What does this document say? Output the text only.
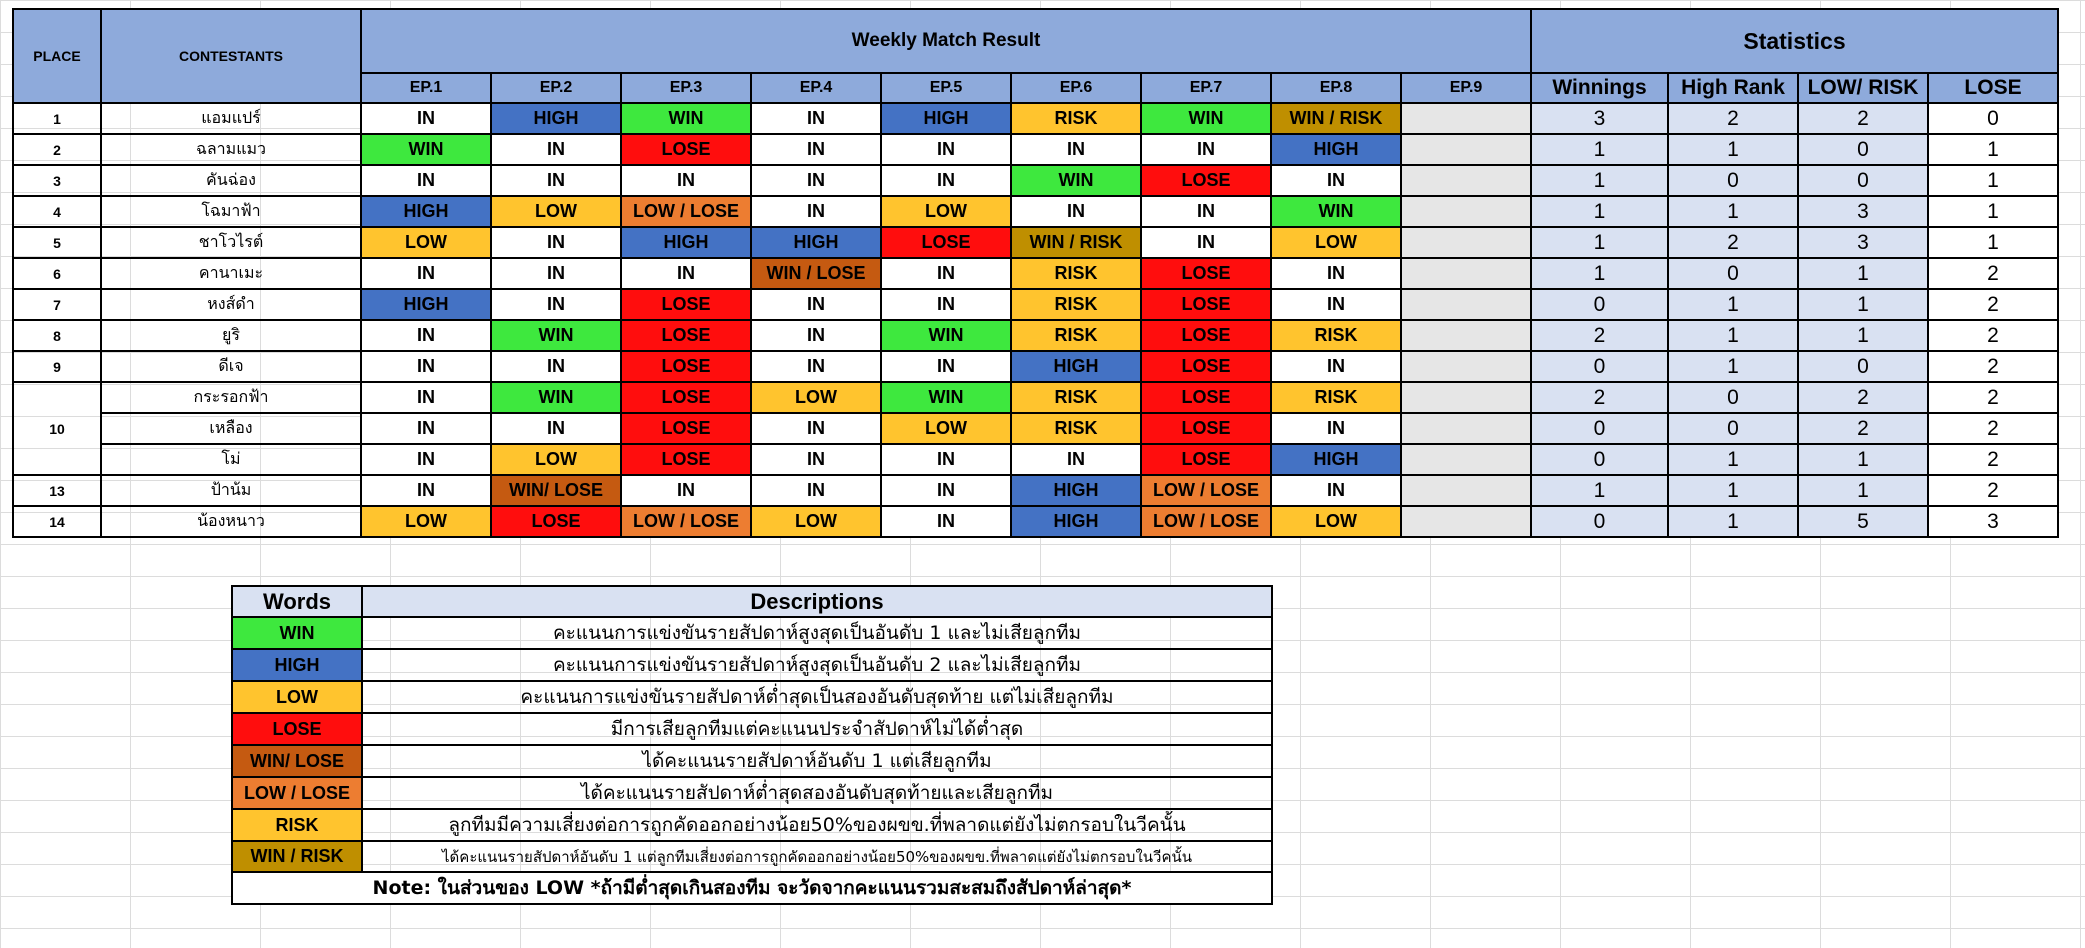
PLACE	CONTESTANTS	Weekly Match Result									Statistics			
		EP.1	EP.2	EP.3	EP.4	EP.5	EP.6	EP.7	EP.8	EP.9	Winnings	High Rank	LOW/ RISK	LOSE
1	แอมแปร์	IN	HIGH	WIN	IN	HIGH	RISK	WIN	WIN / RISK		3	2	2	0
2	ฉลามแมว	WIN	IN	LOSE	IN	IN	IN	IN	HIGH		1	1	0	1
3	คันฉ่อง	IN	IN	IN	IN	IN	WIN	LOSE	IN		1	0	0	1
4	โฉมาฟ้า	HIGH	LOW	LOW / LOSE	IN	LOW	IN	IN	WIN		1	1	3	1
5	ชาโวไรต์	LOW	IN	HIGH	HIGH	LOSE	WIN / RISK	IN	LOW		1	2	3	1
6	คานาเมะ	IN	IN	IN	WIN / LOSE	IN	RISK	LOSE	IN		1	0	1	2
7	หงส์ดำ	HIGH	IN	LOSE	IN	IN	RISK	LOSE	IN		0	1	1	2
8	ยูริ	IN	WIN	LOSE	IN	WIN	RISK	LOSE	RISK		2	1	1	2
9	ดีเจ	IN	IN	LOSE	IN	IN	HIGH	LOSE	IN		0	1	0	2
10	กระรอกฟ้า	IN	WIN	LOSE	LOW	WIN	RISK	LOSE	RISK		2	0	2	2
	เหลือง	IN	IN	LOSE	IN	LOW	RISK	LOSE	IN		0	0	2	2
	โม่	IN	LOW	LOSE	IN	IN	IN	LOSE	HIGH		0	1	1	2
13	ป้าน้ม	IN	WIN/ LOSE	IN	IN	IN	HIGH	LOW / LOSE	IN		1	1	1	2
14	น้องหนาว	LOW	LOSE	LOW / LOSE	LOW	IN	HIGH	LOW / LOSE	LOW		0	1	5	3
Words	Descriptions
WIN	คะแนนการแข่งขันรายสัปดาห์สูงสุดเป็นอันดับ 1 และไม่เสียลูกทีม
HIGH	คะแนนการแข่งขันรายสัปดาห์สูงสุดเป็นอันดับ 2 และไม่เสียลูกทีม
LOW	คะแนนการแข่งขันรายสัปดาห์ต่ำสุดเป็นสองอันดับสุดท้าย แต่ไม่เสียลูกทีม
LOSE	มีการเสียลูกทีมแต่คะแนนประจำสัปดาห์ไม่ได้ต่ำสุด
WIN/ LOSE	ได้คะแนนรายสัปดาห์อันดับ 1 แต่เสียลูกทีม
LOW / LOSE	ได้คะแนนรายสัปดาห์ต่ำสุดสองอันดับสุดท้ายและเสียลูกทีม
RISK	ลูกทีมมีความเสี่ยงต่อการถูกคัดออกอย่างน้อย50%ของผขข.ที่พลาดแต่ยังไม่ตกรอบในวีคนั้น
WIN / RISK	ได้คะแนนรายสัปดาห์อันดับ 1 แต่ลูกทีมเสี่ยงต่อการถูกคัดออกอย่างน้อย50%ของผขข.ที่พลาดแต่ยังไม่ตกรอบในวีคนั้น
Note: ในส่วนของ LOW *ถ้ามีต่ำสุดเกินสองทีม จะวัดจากคะแนนรวมสะสมถึงสัปดาห์ล่าสุด*	
